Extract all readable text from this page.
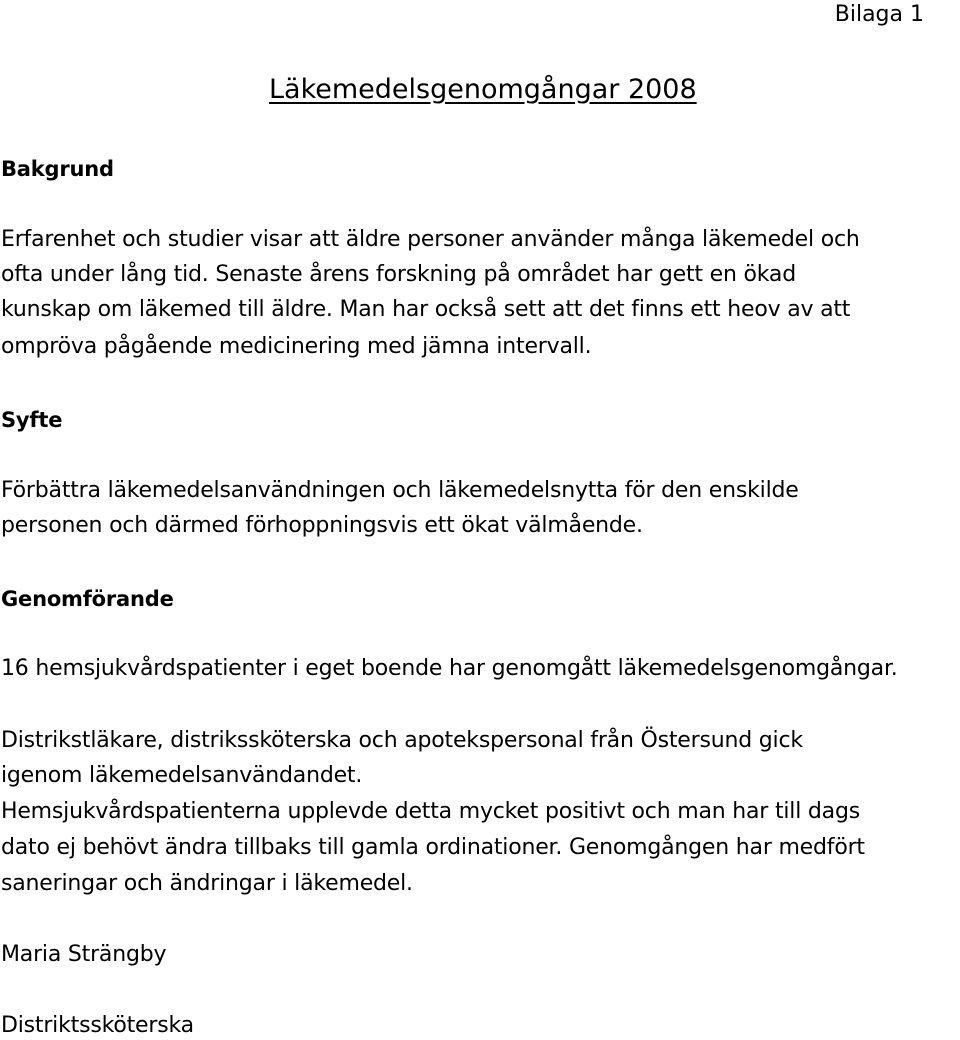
Bilaga 1
Läkemedelsgenomgångar 2008
Bakgrund
Erfarenhet och studier visar att äldre personer använder många läkemedel och
ofta under lång tid. Senaste årens forskning på området har gett en ökad
kunskap om läkemed till äldre. Man har också sett att det finns ett heov av att
ompröva pågående medicinering med jämna intervall.
Syfte
Förbättra läkemedelsanvändningen och läkemedelsnytta för den enskilde
personen och därmed förhoppningsvis ett ökat välmående.
Genomförande
16 hemsjukvårdspatienter i eget boende har genomgått läkemedelsgenomgångar.
Distrikstläkare, distrikssköterska och apotekspersonal från Östersund gick
igenom läkemedelsanvändandet.
Hemsjukvårdspatienterna upplevde detta mycket positivt och man har till dags
dato ej behövt ändra tillbaks till gamla ordinationer. Genomgången har medfört
saneringar och ändringar i läkemedel.
Maria Strängby
Distriktssköterska
